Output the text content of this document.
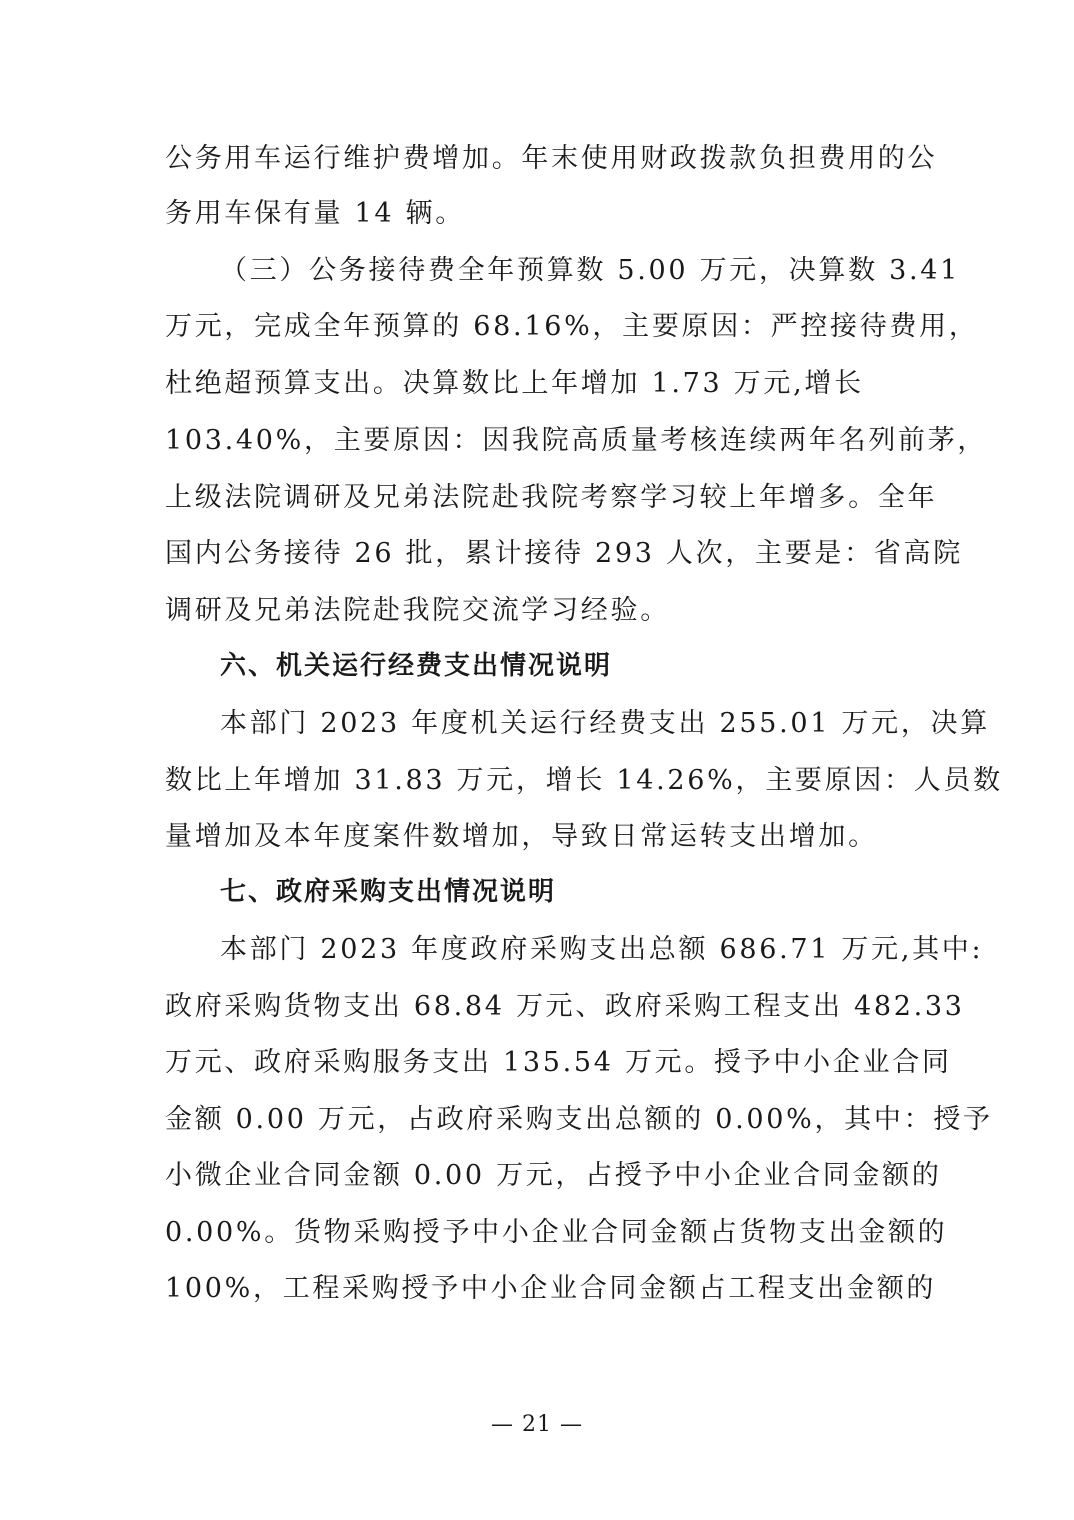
公务用车运行维护费增加。年末使用财政拨款负担费用的公
务用车保有量 14 辆。
（三）公务接待费全年预算数 5.00 万元，决算数 3.41
万元，完成全年预算的 68.16%，主要原因：严控接待费用，
杜绝超预算支出。决算数比上年增加 1.73 万元,增长
103.40%，主要原因：因我院高质量考核连续两年名列前茅，
上级法院调研及兄弟法院赴我院考察学习较上年增多。全年
国内公务接待 26 批，累计接待 293 人次，主要是：省高院
调研及兄弟法院赴我院交流学习经验。
六、机关运行经费支出情况说明
本部门 2023 年度机关运行经费支出 255.01 万元，决算
数比上年增加 31.83 万元，增长 14.26%，主要原因：人员数
量增加及本年度案件数增加，导致日常运转支出增加。
七、政府采购支出情况说明
本部门 2023 年度政府采购支出总额 686.71 万元,其中:
政府采购货物支出 68.84 万元、政府采购工程支出 482.33
万元、政府采购服务支出 135.54 万元。授予中小企业合同
金额 0.00 万元，占政府采购支出总额的 0.00%，其中：授予
小微企业合同金额 0.00 万元，占授予中小企业合同金额的
0.00%。货物采购授予中小企业合同金额占货物支出金额的
100%，工程采购授予中小企业合同金额占工程支出金额的
— 21 —
